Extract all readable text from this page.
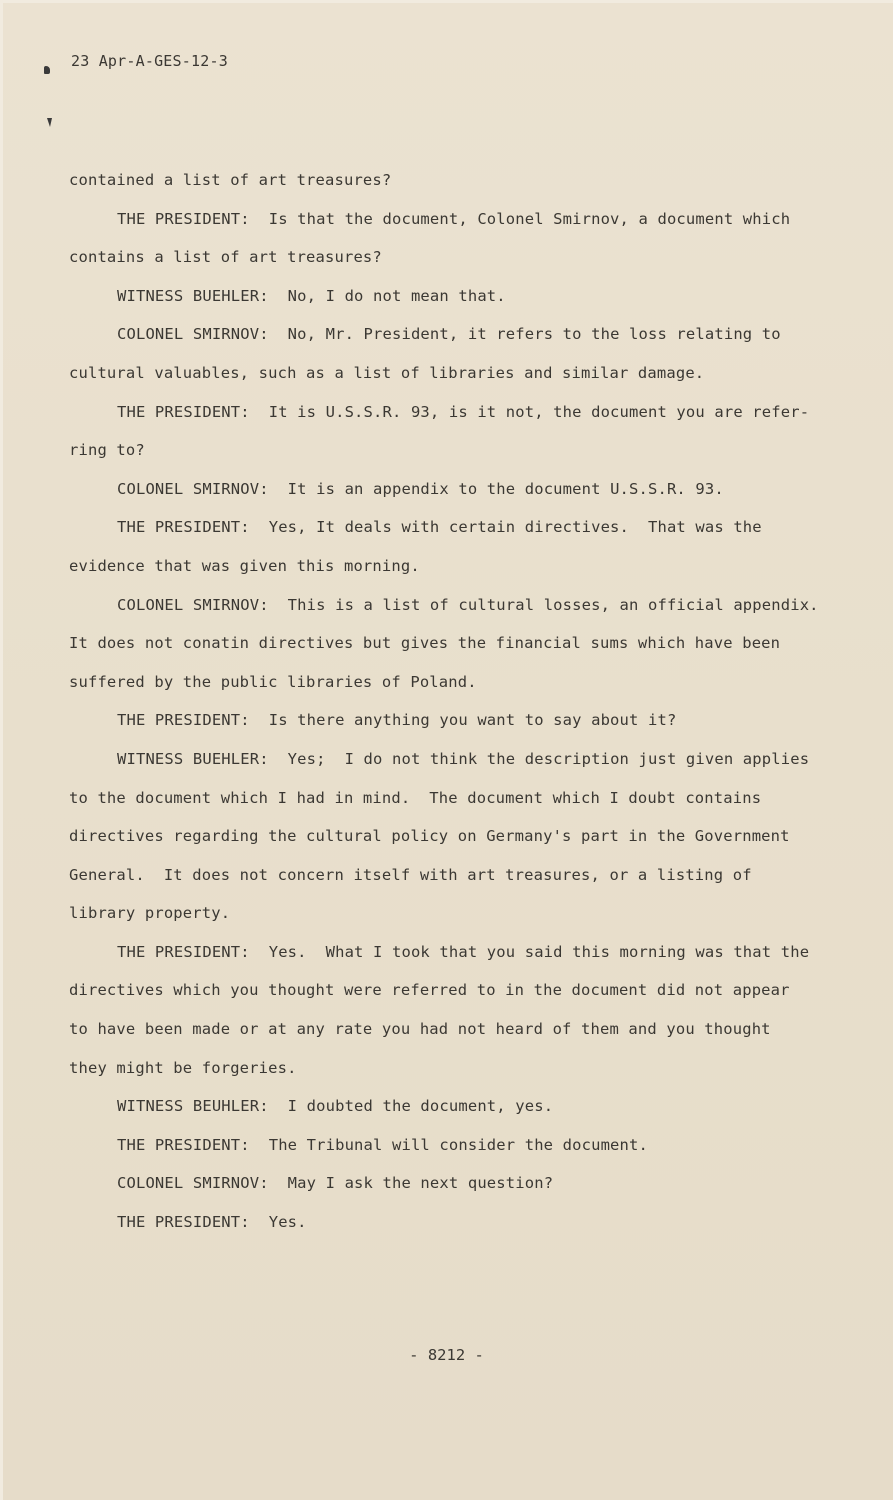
23 Apr-A-GES-12-3
contained a list of art treasures?
THE PRESIDENT:  Is that the document, Colonel Smirnov, a document which
contains a list of art treasures?
WITNESS BUEHLER:  No, I do not mean that.
COLONEL SMIRNOV:  No, Mr. President, it refers to the loss relating to
cultural valuables, such as a list of libraries and similar damage.
THE PRESIDENT:  It is U.S.S.R. 93, is it not, the document you are refer-
ring to?
COLONEL SMIRNOV:  It is an appendix to the document U.S.S.R. 93.
THE PRESIDENT:  Yes, It deals with certain directives.  That was the
evidence that was given this morning.
COLONEL SMIRNOV:  This is a list of cultural losses, an official appendix.
It does not conatin directives but gives the financial sums which have been
suffered by the public libraries of Poland.
THE PRESIDENT:  Is there anything you want to say about it?
WITNESS BUEHLER:  Yes;  I do not think the description just given applies
to the document which I had in mind.  The document which I doubt contains
directives regarding the cultural policy on Germany's part in the Government
General.  It does not concern itself with art treasures, or a listing of
library property.
THE PRESIDENT:  Yes.  What I took that you said this morning was that the
directives which you thought were referred to in the document did not appear
to have been made or at any rate you had not heard of them and you thought
they might be forgeries.
WITNESS BEUHLER:  I doubted the document, yes.
THE PRESIDENT:  The Tribunal will consider the document.
COLONEL SMIRNOV:  May I ask the next question?
THE PRESIDENT:  Yes.
- 8212 -
